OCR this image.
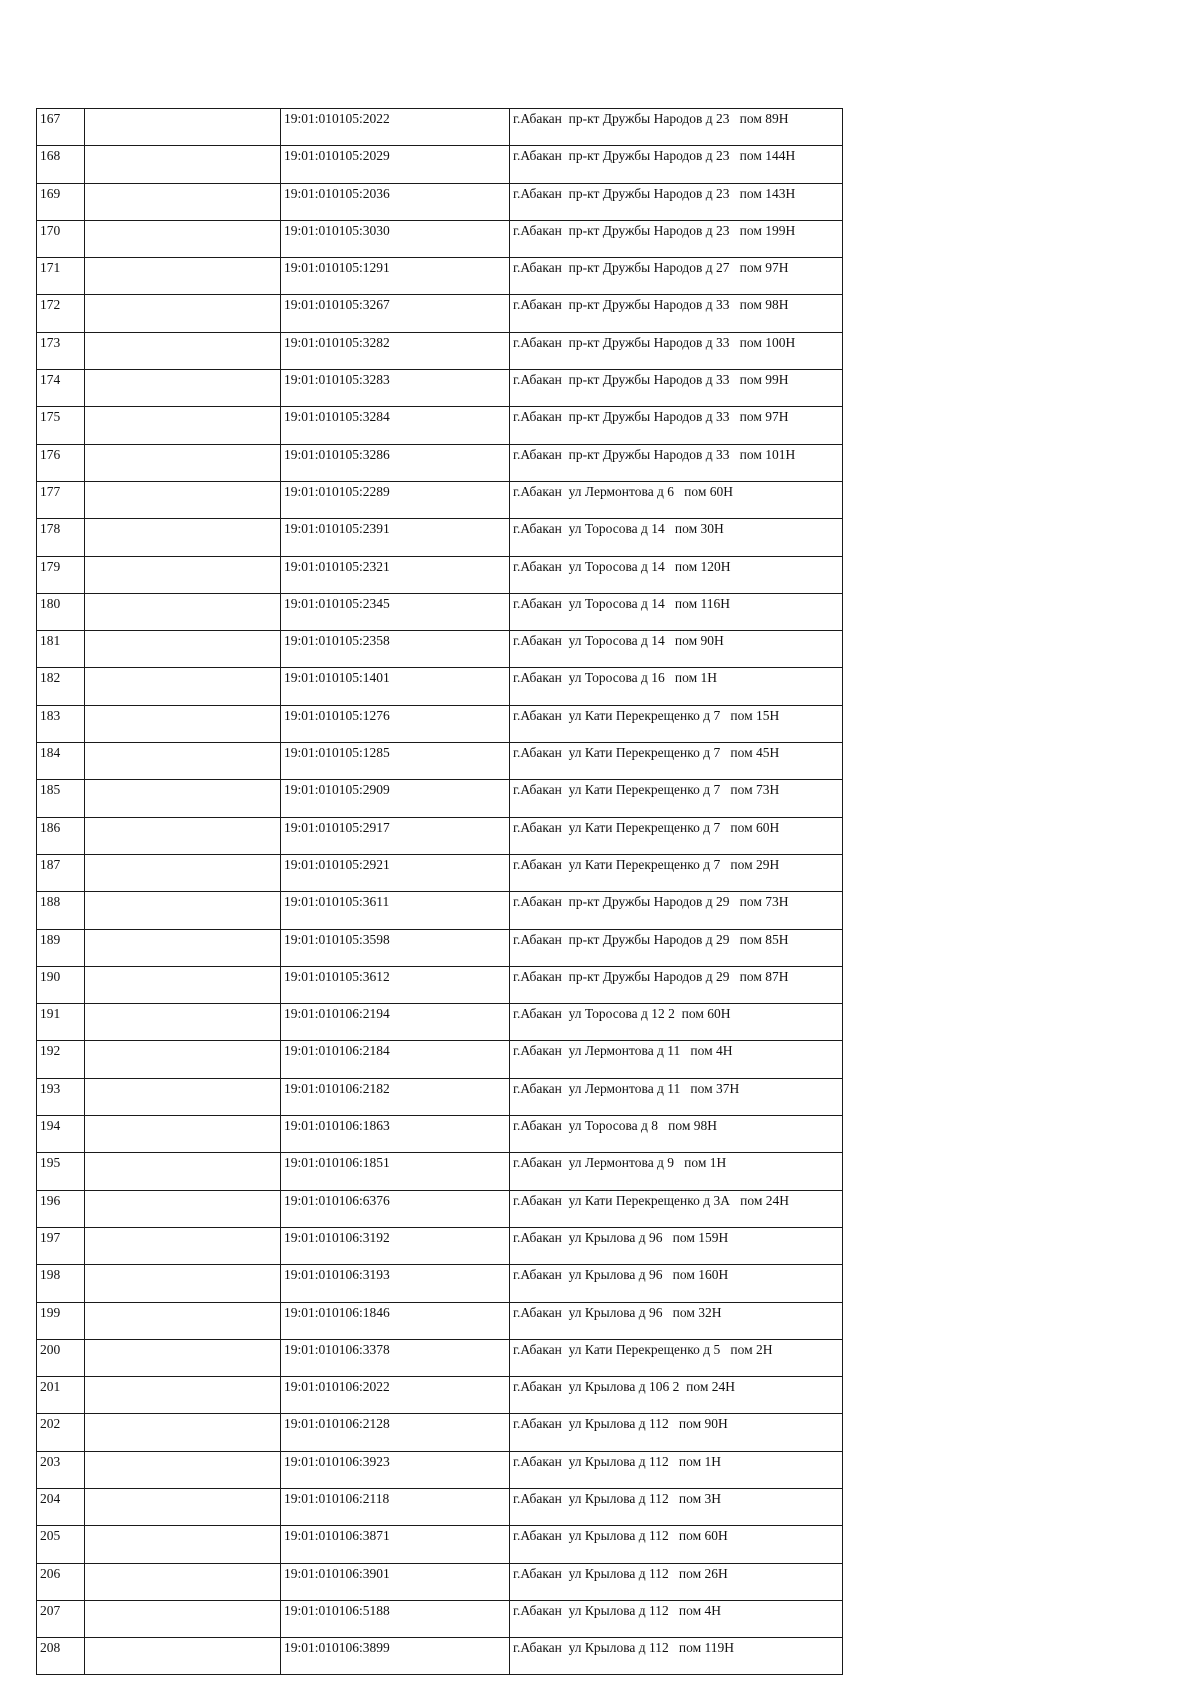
167		19:01:010105:2022	г.Абакан  пр-кт Дружбы Народов д 23   пом 89Н
168		19:01:010105:2029	г.Абакан  пр-кт Дружбы Народов д 23   пом 144Н
169		19:01:010105:2036	г.Абакан  пр-кт Дружбы Народов д 23   пом 143Н
170		19:01:010105:3030	г.Абакан  пр-кт Дружбы Народов д 23   пом 199Н
171		19:01:010105:1291	г.Абакан  пр-кт Дружбы Народов д 27   пом 97Н
172		19:01:010105:3267	г.Абакан  пр-кт Дружбы Народов д 33   пом 98Н
173		19:01:010105:3282	г.Абакан  пр-кт Дружбы Народов д 33   пом 100Н
174		19:01:010105:3283	г.Абакан  пр-кт Дружбы Народов д 33   пом 99Н
175		19:01:010105:3284	г.Абакан  пр-кт Дружбы Народов д 33   пом 97Н
176		19:01:010105:3286	г.Абакан  пр-кт Дружбы Народов д 33   пом 101Н
177		19:01:010105:2289	г.Абакан  ул Лермонтова д 6   пом 60Н
178		19:01:010105:2391	г.Абакан  ул Торосова д 14   пом 30Н
179		19:01:010105:2321	г.Абакан  ул Торосова д 14   пом 120Н
180		19:01:010105:2345	г.Абакан  ул Торосова д 14   пом 116Н
181		19:01:010105:2358	г.Абакан  ул Торосова д 14   пом 90Н
182		19:01:010105:1401	г.Абакан  ул Торосова д 16   пом 1Н
183		19:01:010105:1276	г.Абакан  ул Кати Перекрещенко д 7   пом 15Н
184		19:01:010105:1285	г.Абакан  ул Кати Перекрещенко д 7   пом 45Н
185		19:01:010105:2909	г.Абакан  ул Кати Перекрещенко д 7   пом 73Н
186		19:01:010105:2917	г.Абакан  ул Кати Перекрещенко д 7   пом 60Н
187		19:01:010105:2921	г.Абакан  ул Кати Перекрещенко д 7   пом 29Н
188		19:01:010105:3611	г.Абакан  пр-кт Дружбы Народов д 29   пом 73Н
189		19:01:010105:3598	г.Абакан  пр-кт Дружбы Народов д 29   пом 85Н
190		19:01:010105:3612	г.Абакан  пр-кт Дружбы Народов д 29   пом 87Н
191		19:01:010106:2194	г.Абакан  ул Торосова д 12 2  пом 60Н
192		19:01:010106:2184	г.Абакан  ул Лермонтова д 11   пом 4Н
193		19:01:010106:2182	г.Абакан  ул Лермонтова д 11   пом 37Н
194		19:01:010106:1863	г.Абакан  ул Торосова д 8   пом 98Н
195		19:01:010106:1851	г.Абакан  ул Лермонтова д 9   пом 1Н
196		19:01:010106:6376	г.Абакан  ул Кати Перекрещенко д 3А   пом 24Н
197		19:01:010106:3192	г.Абакан  ул Крылова д 96   пом 159Н
198		19:01:010106:3193	г.Абакан  ул Крылова д 96   пом 160Н
199		19:01:010106:1846	г.Абакан  ул Крылова д 96   пом 32Н
200		19:01:010106:3378	г.Абакан  ул Кати Перекрещенко д 5   пом 2Н
201		19:01:010106:2022	г.Абакан  ул Крылова д 106 2  пом 24Н
202		19:01:010106:2128	г.Абакан  ул Крылова д 112   пом 90Н
203		19:01:010106:3923	г.Абакан  ул Крылова д 112   пом 1Н
204		19:01:010106:2118	г.Абакан  ул Крылова д 112   пом 3Н
205		19:01:010106:3871	г.Абакан  ул Крылова д 112   пом 60Н
206		19:01:010106:3901	г.Абакан  ул Крылова д 112   пом 26Н
207		19:01:010106:5188	г.Абакан  ул Крылова д 112   пом 4Н
208		19:01:010106:3899	г.Абакан  ул Крылова д 112   пом 119Н
